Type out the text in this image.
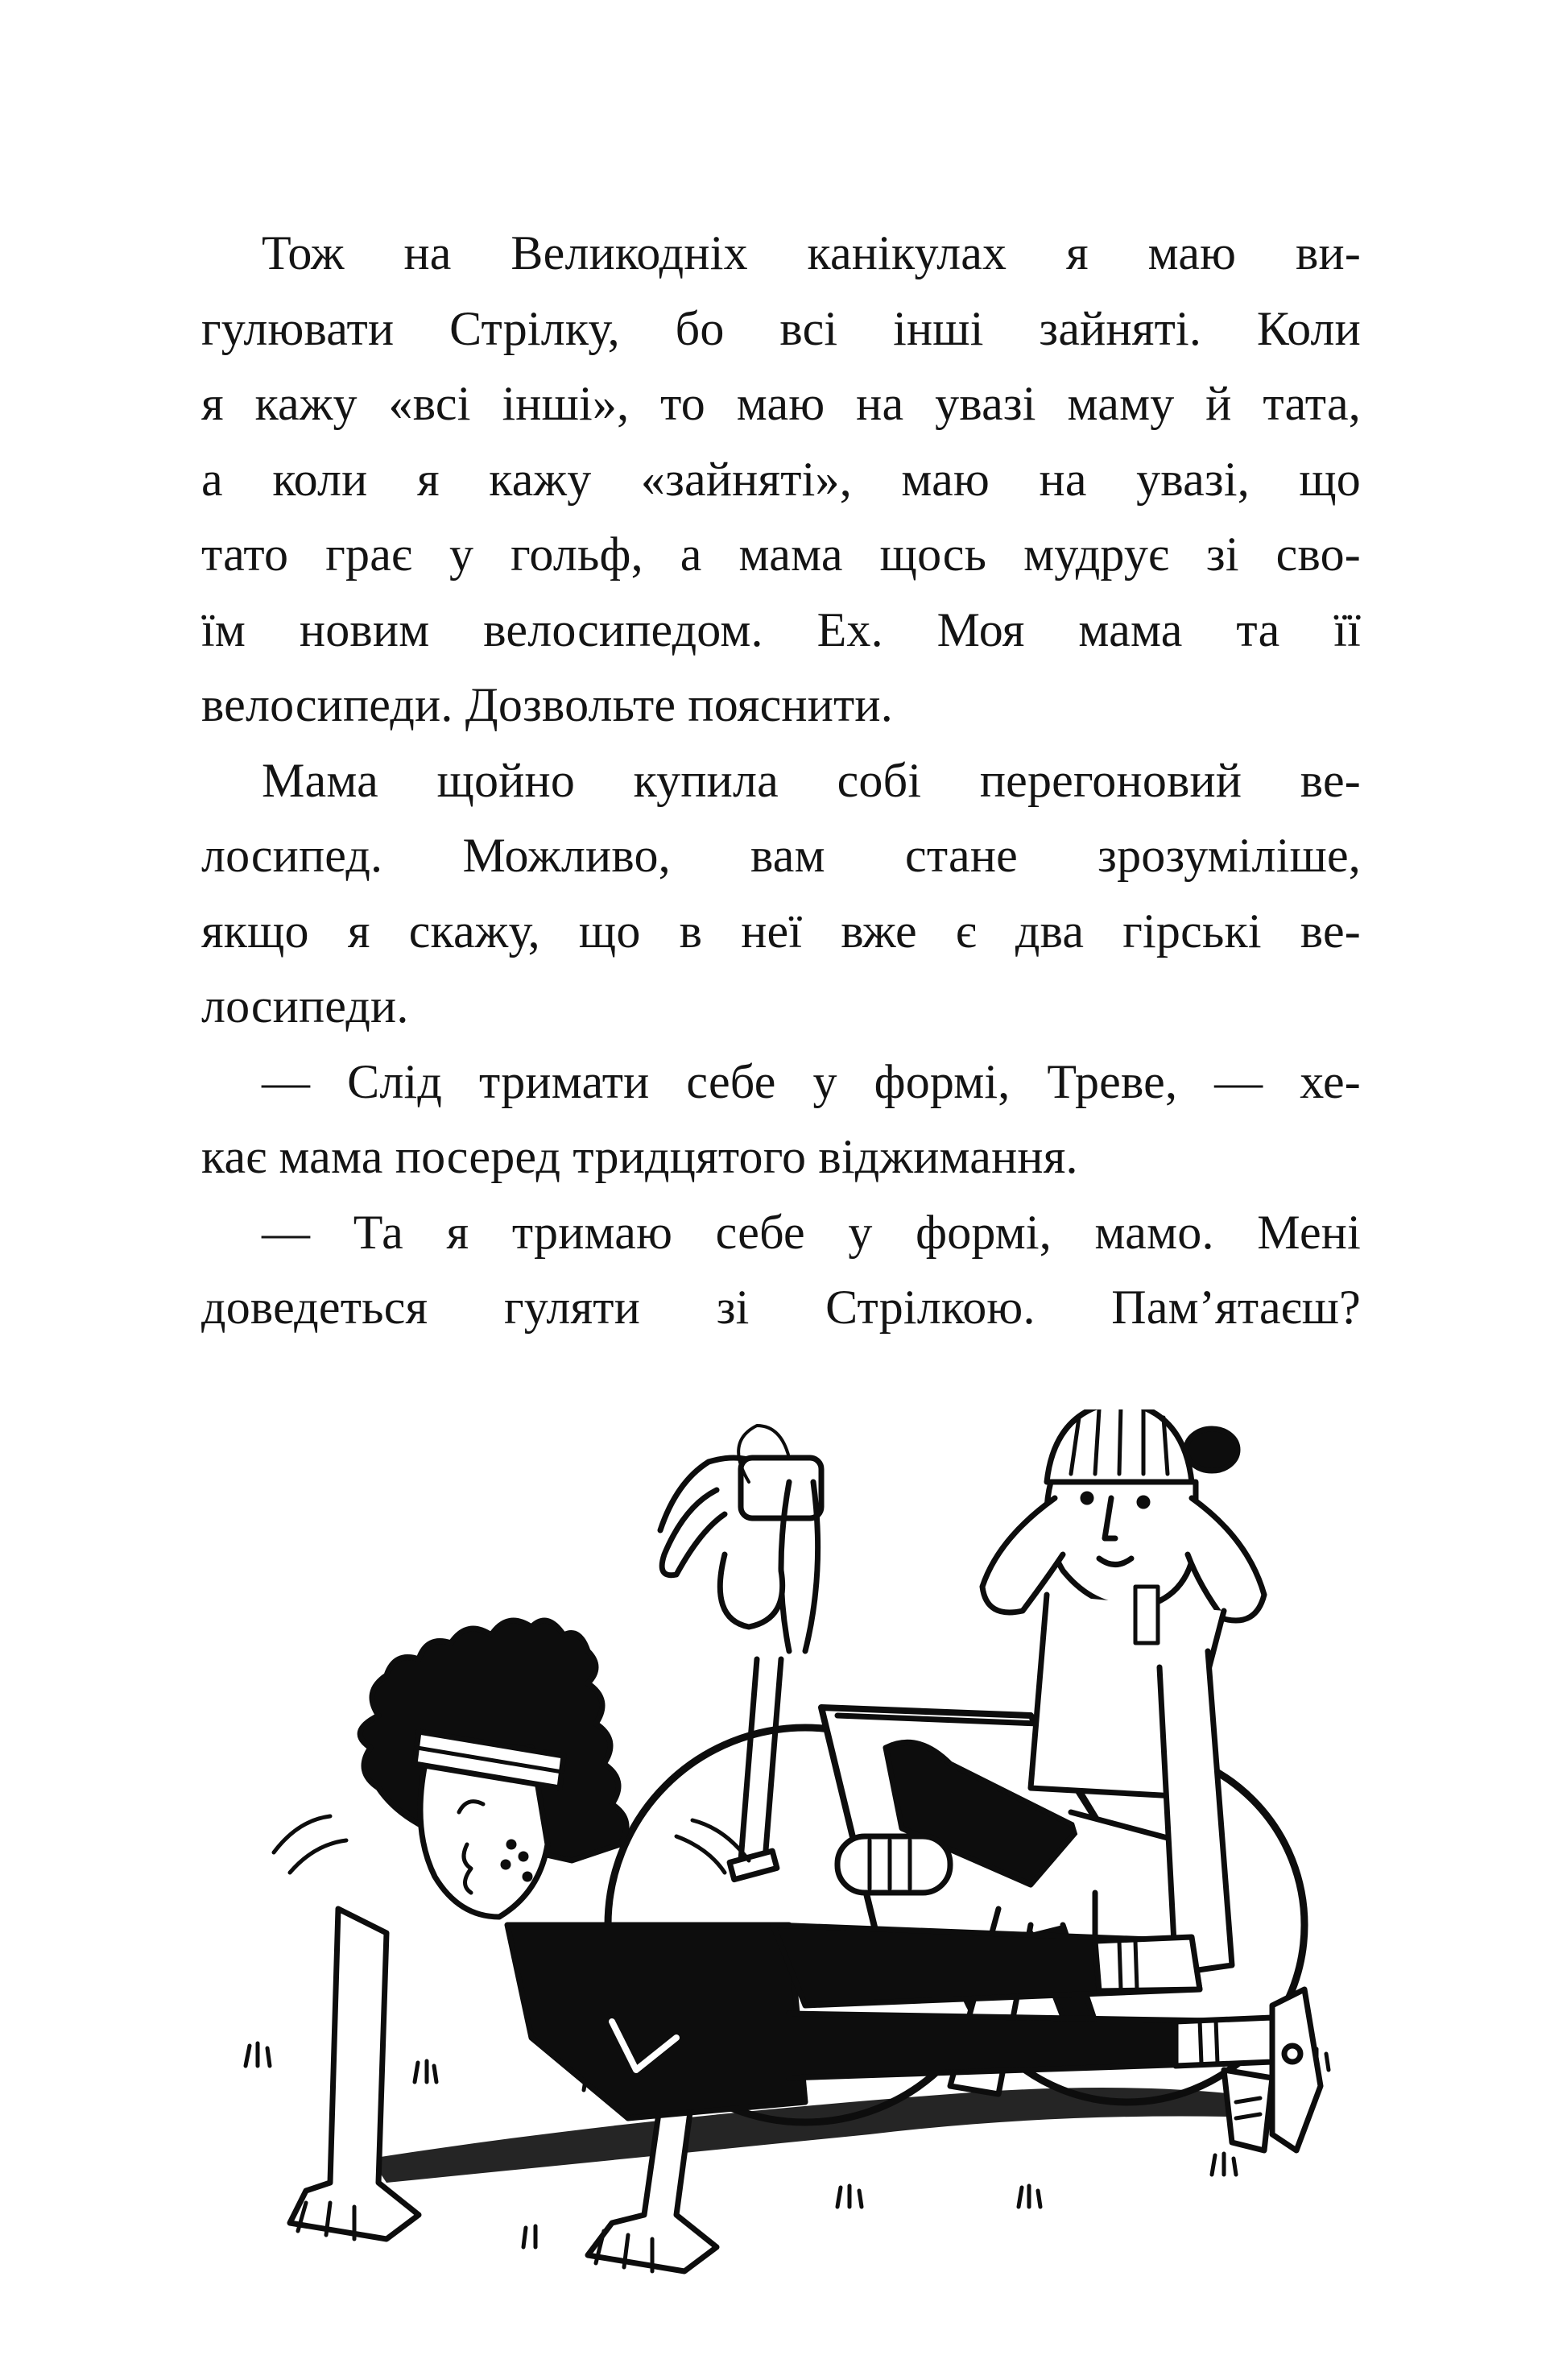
Тож на Великодніх канікулах я маю ви-
гулювати Стрілку, бо всі інші зайняті. Коли
я кажу «всі інші», то маю на увазі маму й тата,
а коли я кажу «зайняті», маю на увазі, що
тато грає у гольф, а мама щось мудрує зі сво-
їм новим велосипедом. Ех. Моя мама та її
велосипеди. Дозвольте пояснити.
Мама щойно купила собі перегоновий ве-
лосипед. Можливо, вам стане зрозуміліше,
якщо я скажу, що в неї вже є два гірські ве-
лосипеди.
— Слід тримати себе у формі, Треве, — хе-
кає мама посеред тридцятого віджимання.
— Та я тримаю себе у формі, мамо. Мені
доведеться гуляти зі Стрілкою. Пам’ятаєш?
